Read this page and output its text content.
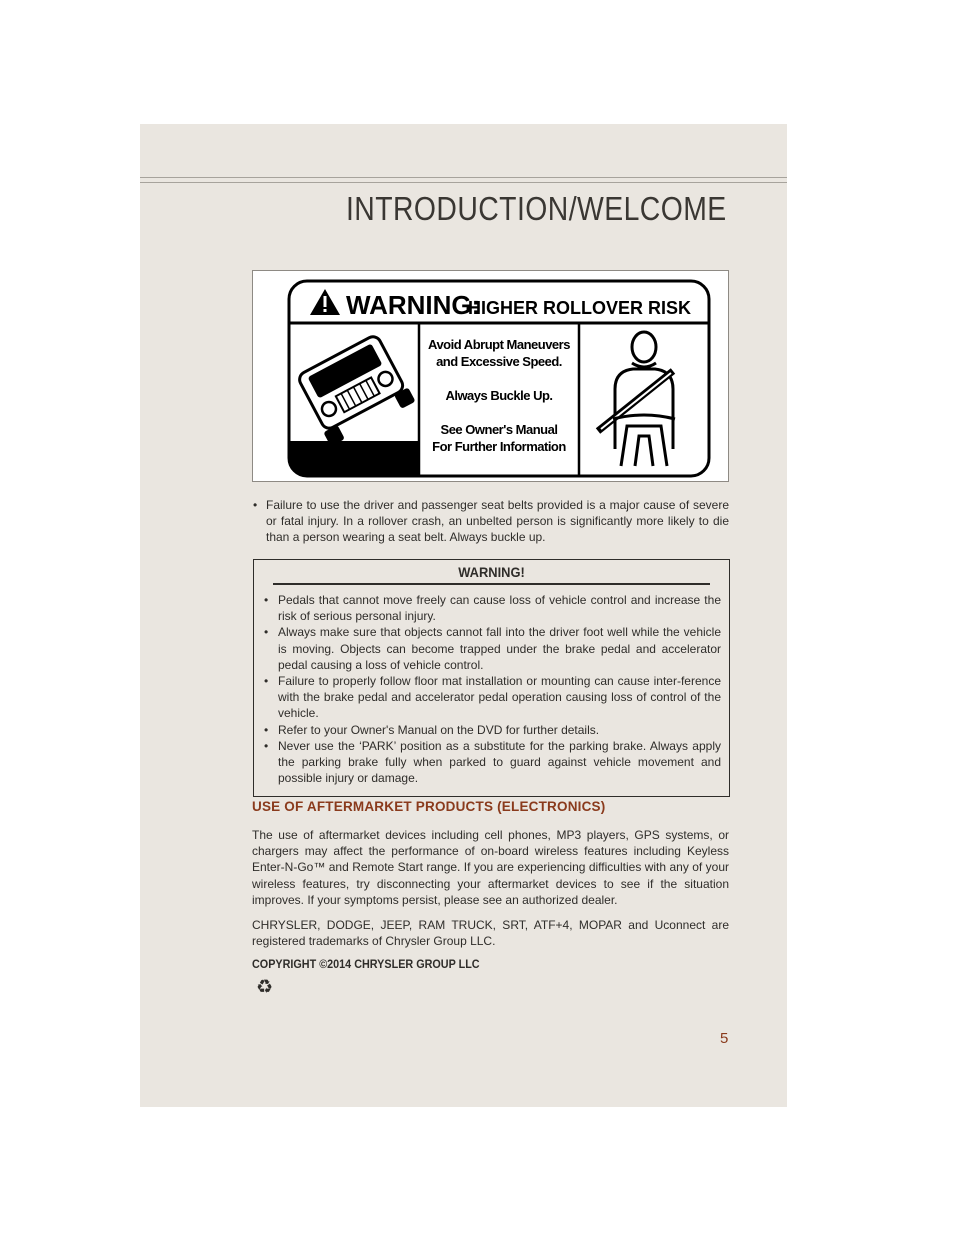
INTRODUCTION/WELCOME
WARNING:
HIGHER ROLLOVER RISK
Avoid Abrupt Maneuvers
and Excessive Speed.
Always Buckle Up.
See Owner's Manual
For Further Information
• Failure to use the driver and passenger seat belts provided is a major cause of severe or fatal injury. In a rollover crash, an unbelted person is significantly more likely to die than a person wearing a seat belt. Always buckle up.
WARNING!
• Pedals that cannot move freely can cause loss of vehicle control and increase the risk of serious personal injury.
• Always make sure that objects cannot fall into the driver foot well while the vehicle is moving. Objects can become trapped under the brake pedal and accelerator pedal causing a loss of vehicle control.
• Failure to properly follow floor mat installation or mounting can cause inter-ference with the brake pedal and accelerator pedal operation causing loss of control of the vehicle.
• Refer to your Owner's Manual on the DVD for further details.
• Never use the ‘PARK’ position as a substitute for the parking brake. Always apply the parking brake fully when parked to guard against vehicle movement and possible injury or damage.
USE OF AFTERMARKET PRODUCTS (ELECTRONICS)

The use of aftermarket devices including cell phones, MP3 players, GPS systems, or chargers may affect the performance of on-board wireless features including Keyless Enter-N-Go™ and Remote Start range. If you are experiencing difficulties with any of your wireless features, try disconnecting your aftermarket devices to see if the situation improves. If your symptoms persist, please see an authorized dealer.

CHRYSLER, DODGE, JEEP, RAM TRUCK, SRT, ATF+4, MOPAR and Uconnect are registered trademarks of Chrysler Group LLC.

COPYRIGHT ©2014 CHRYSLER GROUP LLC
♻
5
